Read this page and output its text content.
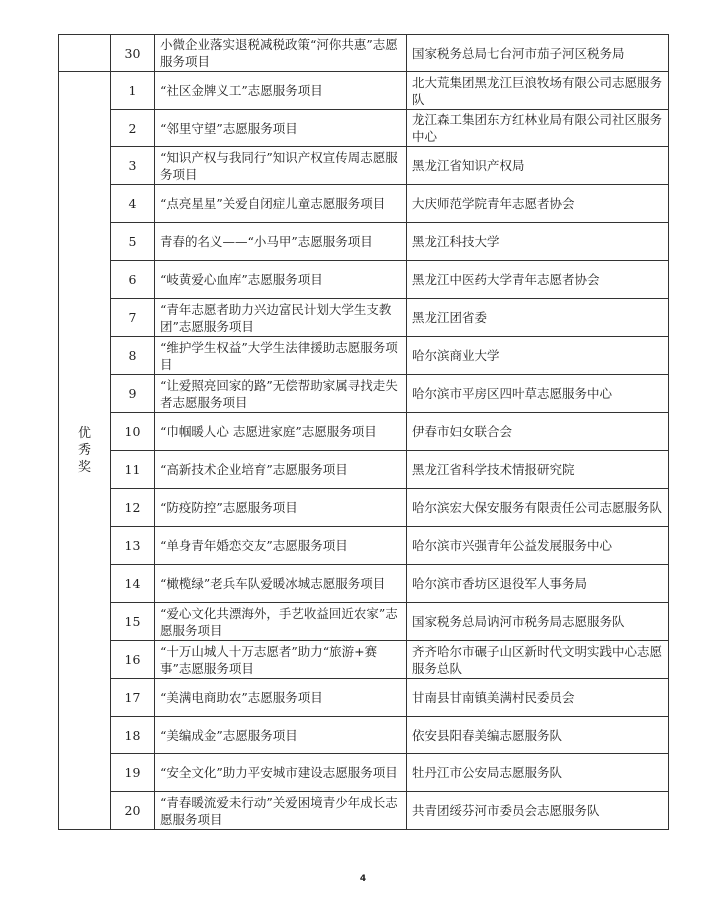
	30	小微企业落实退税减税政策“河你共惠”志愿服务项目	国家税务总局七台河市茄子河区税务局
优秀奖	1	“社区金牌义工”志愿服务项目	北大荒集团黑龙江巨浪牧场有限公司志愿服务队
	2	“邻里守望”志愿服务项目	龙江森工集团东方红林业局有限公司社区服务中心
	3	“知识产权与我同行”知识产权宣传周志愿服务项目	黑龙江省知识产权局
	4	“点亮星星”关爱自闭症儿童志愿服务项目	大庆师范学院青年志愿者协会
	5	青春的名义——“小马甲”志愿服务项目	黑龙江科技大学
	6	“岐黄爱心血库”志愿服务项目	黑龙江中医药大学青年志愿者协会
	7	“青年志愿者助力兴边富民计划大学生支教团”志愿服务项目	黑龙江团省委
	8	“维护学生权益”大学生法律援助志愿服务项目	哈尔滨商业大学
	9	“让爱照亮回家的路”无偿帮助家属寻找走失者志愿服务项目	哈尔滨市平房区四叶草志愿服务中心
	10	“巾帼暖人心 志愿进家庭”志愿服务项目	伊春市妇女联合会
	11	“高新技术企业培育”志愿服务项目	黑龙江省科学技术情报研究院
	12	“防疫防控”志愿服务项目	哈尔滨宏大保安服务有限责任公司志愿服务队
	13	“单身青年婚恋交友”志愿服务项目	哈尔滨市兴强青年公益发展服务中心
	14	“橄榄绿”老兵车队爱暖冰城志愿服务项目	哈尔滨市香坊区退役军人事务局
	15	“爱心文化共漂海外，手艺收益回近农家”志愿服务项目	国家税务总局讷河市税务局志愿服务队
	16	“十万山城人十万志愿者”助力“旅游+赛事”志愿服务项目	齐齐哈尔市碾子山区新时代文明实践中心志愿服务总队
	17	“美满电商助农”志愿服务项目	甘南县甘南镇美满村民委员会
	18	“美编成金”志愿服务项目	依安县阳春美编志愿服务队
	19	“安全文化”助力平安城市建设志愿服务项目	牡丹江市公安局志愿服务队
	20	“青春暖流爱未行动”关爱困境青少年成长志愿服务项目	共青团绥芬河市委员会志愿服务队
4
